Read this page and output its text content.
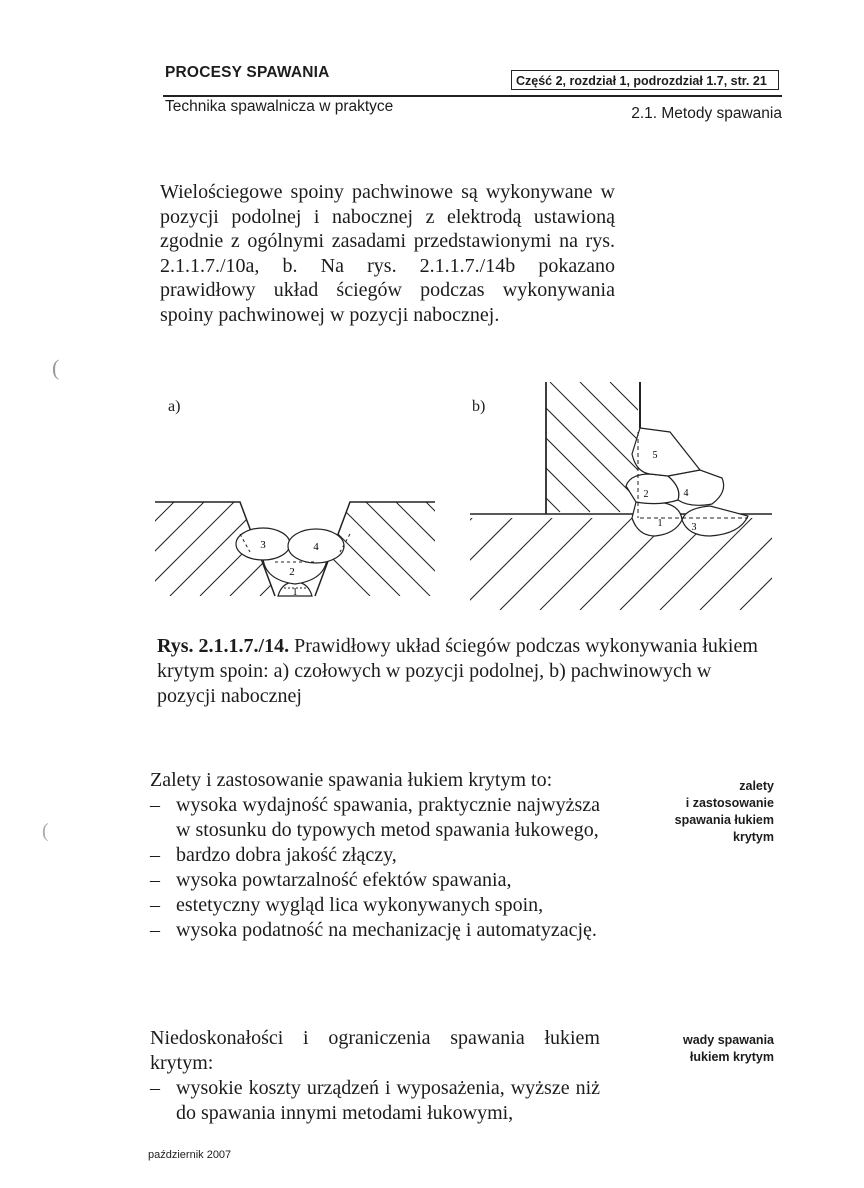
PROCESY SPAWANIA	Część 2, rozdział 1, podrozdział 1.7, str. 21
Technika spawalnicza w praktyce	2.1. Metody spawania
(
(
Wielościegowe spoiny pachwinowe są wykonywane w pozycji podolnej i nabocznej z elektrodą ustawioną zgodnie z ogólnymi zasadami przedstawionymi na rys. 2.1.1.7./10a, b. Na rys. 2.1.1.7./14b pokazano prawidłowy układ ściegów podczas wykonywania spoiny pachwinowej w pozycji nabocznej.
a)	b)
1
2
3	4
1
2
3
4
5
Rys. 2.1.1.7./14. Prawidłowy układ ściegów podczas wykonywania łukiem krytym spoin: a) czołowych w pozycji podolnej, b) pachwinowych w pozycji nabocznej
Zalety i zastosowanie spawania łukiem krytym to:
– wysoka wydajność spawania, praktycznie najwyższa w stosunku do typowych metod spawania łukowego,
– bardzo dobra jakość złączy,
– wysoka powtarzalność efektów spawania,
– estetyczny wygląd lica wykonywanych spoin,
– wysoka podatność na mechanizację i automatyzację.
zalety
i zastosowanie
spawania łukiem
krytym
Niedoskonałości i ograniczenia spawania łukiem krytym:
– wysokie koszty urządzeń i wyposażenia, wyższe niż do spawania innymi metodami łukowymi,
wady spawania
łukiem krytym
październik 2007
